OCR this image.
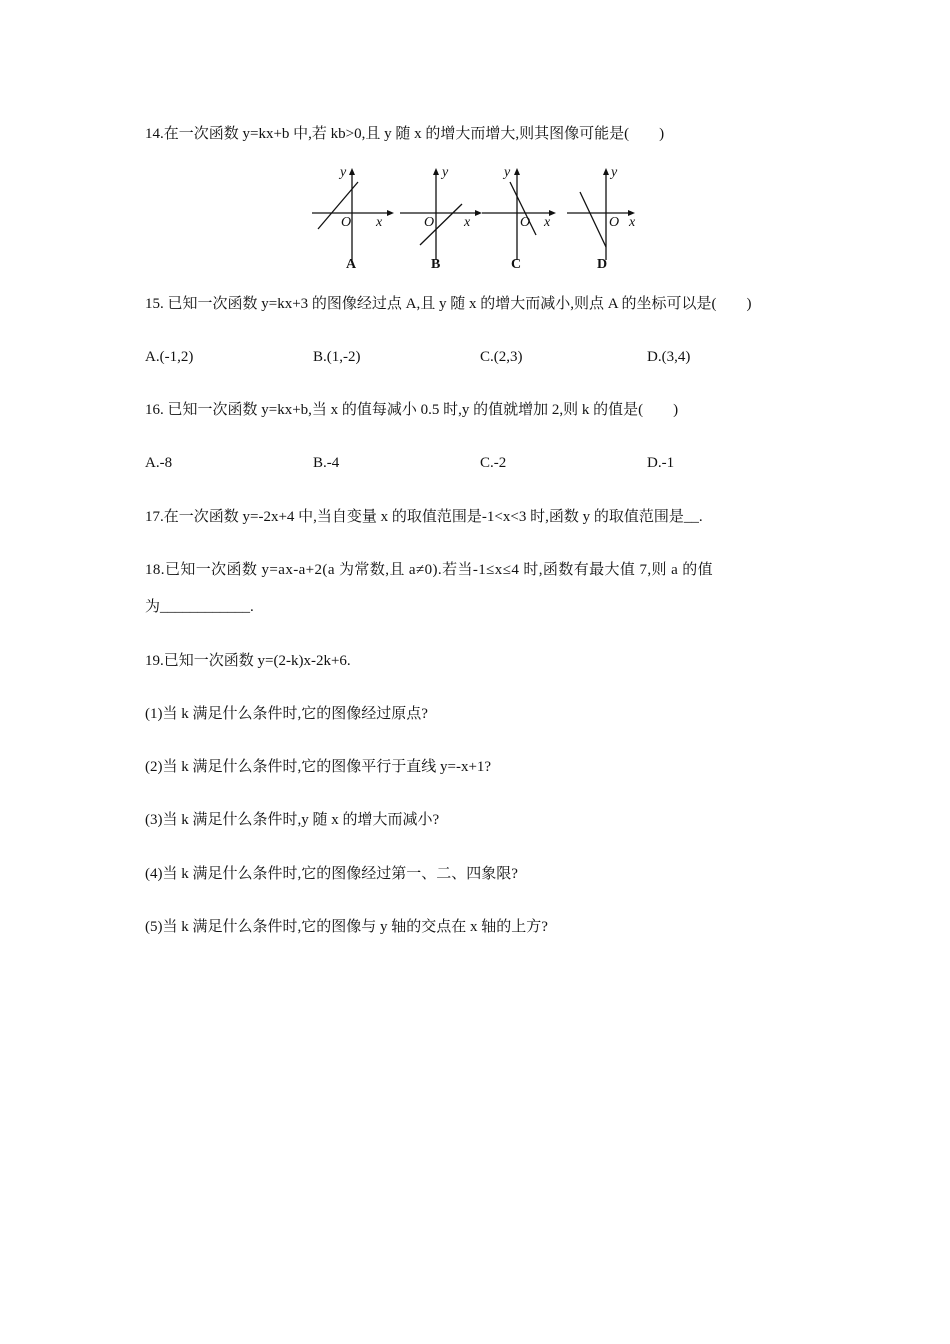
14.在一次函数 y=kx+b 中,若 kb>0,且 y 随 x 的增大而增大,则其图像可能是(　　)
y
O x
A
y
O x
B
y
O x
C
y
O x
D
15. 已知一次函数 y=kx+3 的图像经过点 A,且 y 随 x 的增大而减小,则点 A 的坐标可以是(　　)
A.(-1,2)	B.(1,-2)	C.(2,3)	D.(3,4)
16. 已知一次函数 y=kx+b,当 x 的值每减小 0.5 时,y 的值就增加 2,则 k 的值是(　　)
A.-8	B.-4	C.-2	D.-1
17.在一次函数 y=-2x+4 中,当自变量 x 的取值范围是-1<x<3 时,函数 y 的取值范围是__.
18.已知一次函数 y=ax-a+2(a 为常数,且 a≠0).若当-1≤x≤4 时,函数有最大值 7,则 a 的值
为____________.
19.已知一次函数 y=(2-k)x-2k+6.
(1)当 k 满足什么条件时,它的图像经过原点?
(2)当 k 满足什么条件时,它的图像平行于直线 y=-x+1?
(3)当 k 满足什么条件时,y 随 x 的增大而减小?
(4)当 k 满足什么条件时,它的图像经过第一、二、四象限?
(5)当 k 满足什么条件时,它的图像与 y 轴的交点在 x 轴的上方?
